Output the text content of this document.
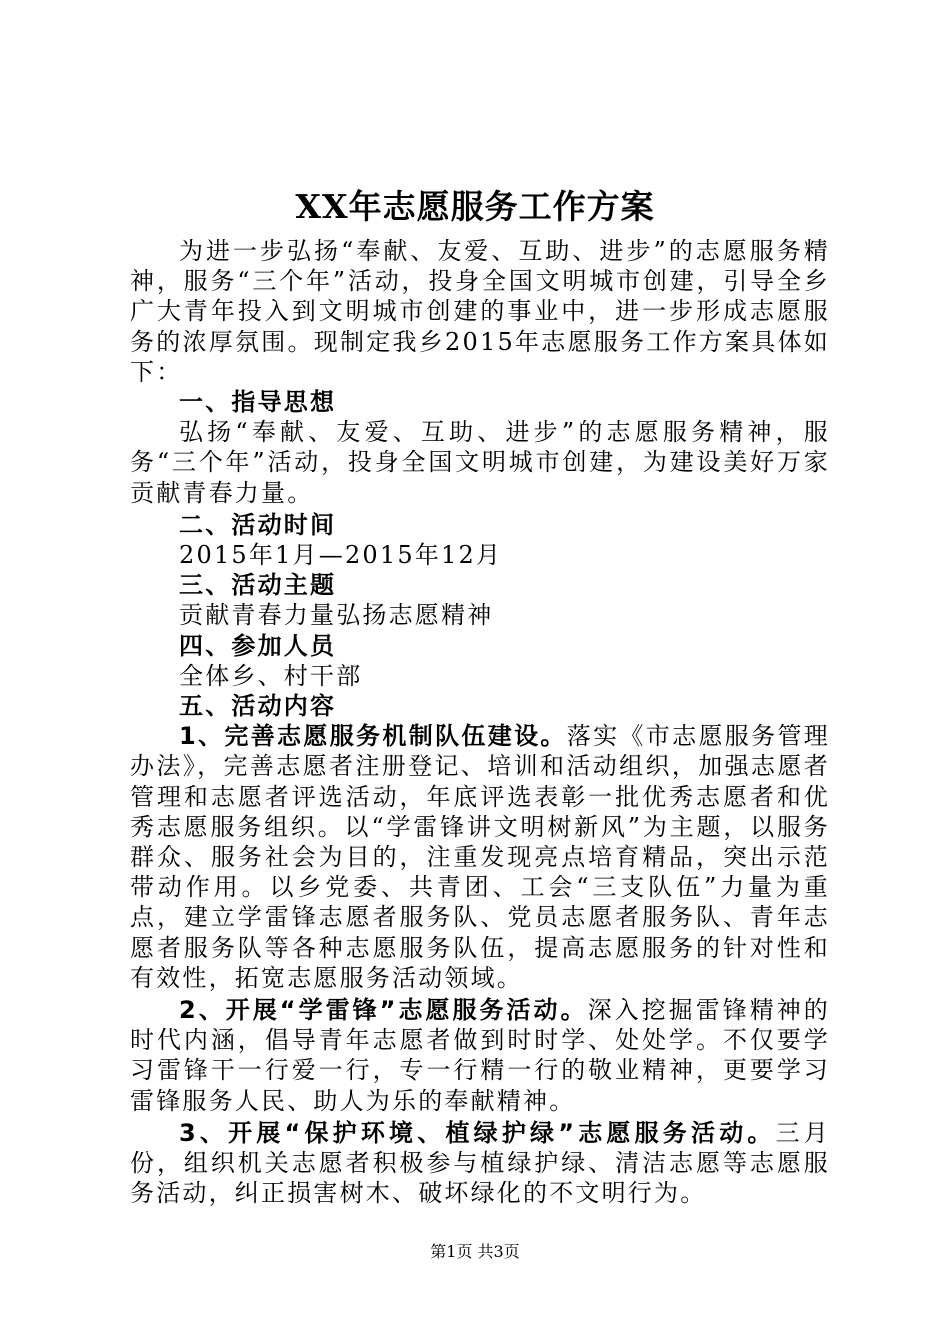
XX年志愿服务工作方案

为进一步弘扬“奉献、友爱、互助、进步”的志愿服务精神，服务“三个年”活动，投身全国文明城市创建，引导全乡广大青年投入到文明城市创建的事业中，进一步形成志愿服务的浓厚氛围。现制定我乡2015年志愿服务工作方案具体如下：

一、指导思想

弘扬“奉献、友爱、互助、进步”的志愿服务精神，服务“三个年”活动，投身全国文明城市创建，为建设美好万家贡献青春力量。

二、活动时间

2015年1月—2015年12月

三、活动主题

贡献青春力量弘扬志愿精神

四、参加人员

全体乡、村干部

五、活动内容

1、完善志愿服务机制队伍建设。落实《市志愿服务管理办法》，完善志愿者注册登记、培训和活动组织，加强志愿者管理和志愿者评选活动，年底评选表彰一批优秀志愿者和优秀志愿服务组织。以“学雷锋讲文明树新风”为主题，以服务群众、服务社会为目的，注重发现亮点培育精品，突出示范带动作用。以乡党委、共青团、工会“三支队伍”力量为重点，建立学雷锋志愿者服务队、党员志愿者服务队、青年志愿者服务队等各种志愿服务队伍，提高志愿服务的针对性和有效性，拓宽志愿服务活动领域。

2、开展“学雷锋”志愿服务活动。深入挖掘雷锋精神的时代内涵，倡导青年志愿者做到时时学、处处学。不仅要学习雷锋干一行爱一行，专一行精一行的敬业精神，更要学习雷锋服务人民、助人为乐的奉献精神。

3、开展“保护环境、植绿护绿”志愿服务活动。三月份，组织机关志愿者积极参与植绿护绿、清洁志愿等志愿服务活动，纠正损害树木、破坏绿化的不文明行为。

第1页 共3页
